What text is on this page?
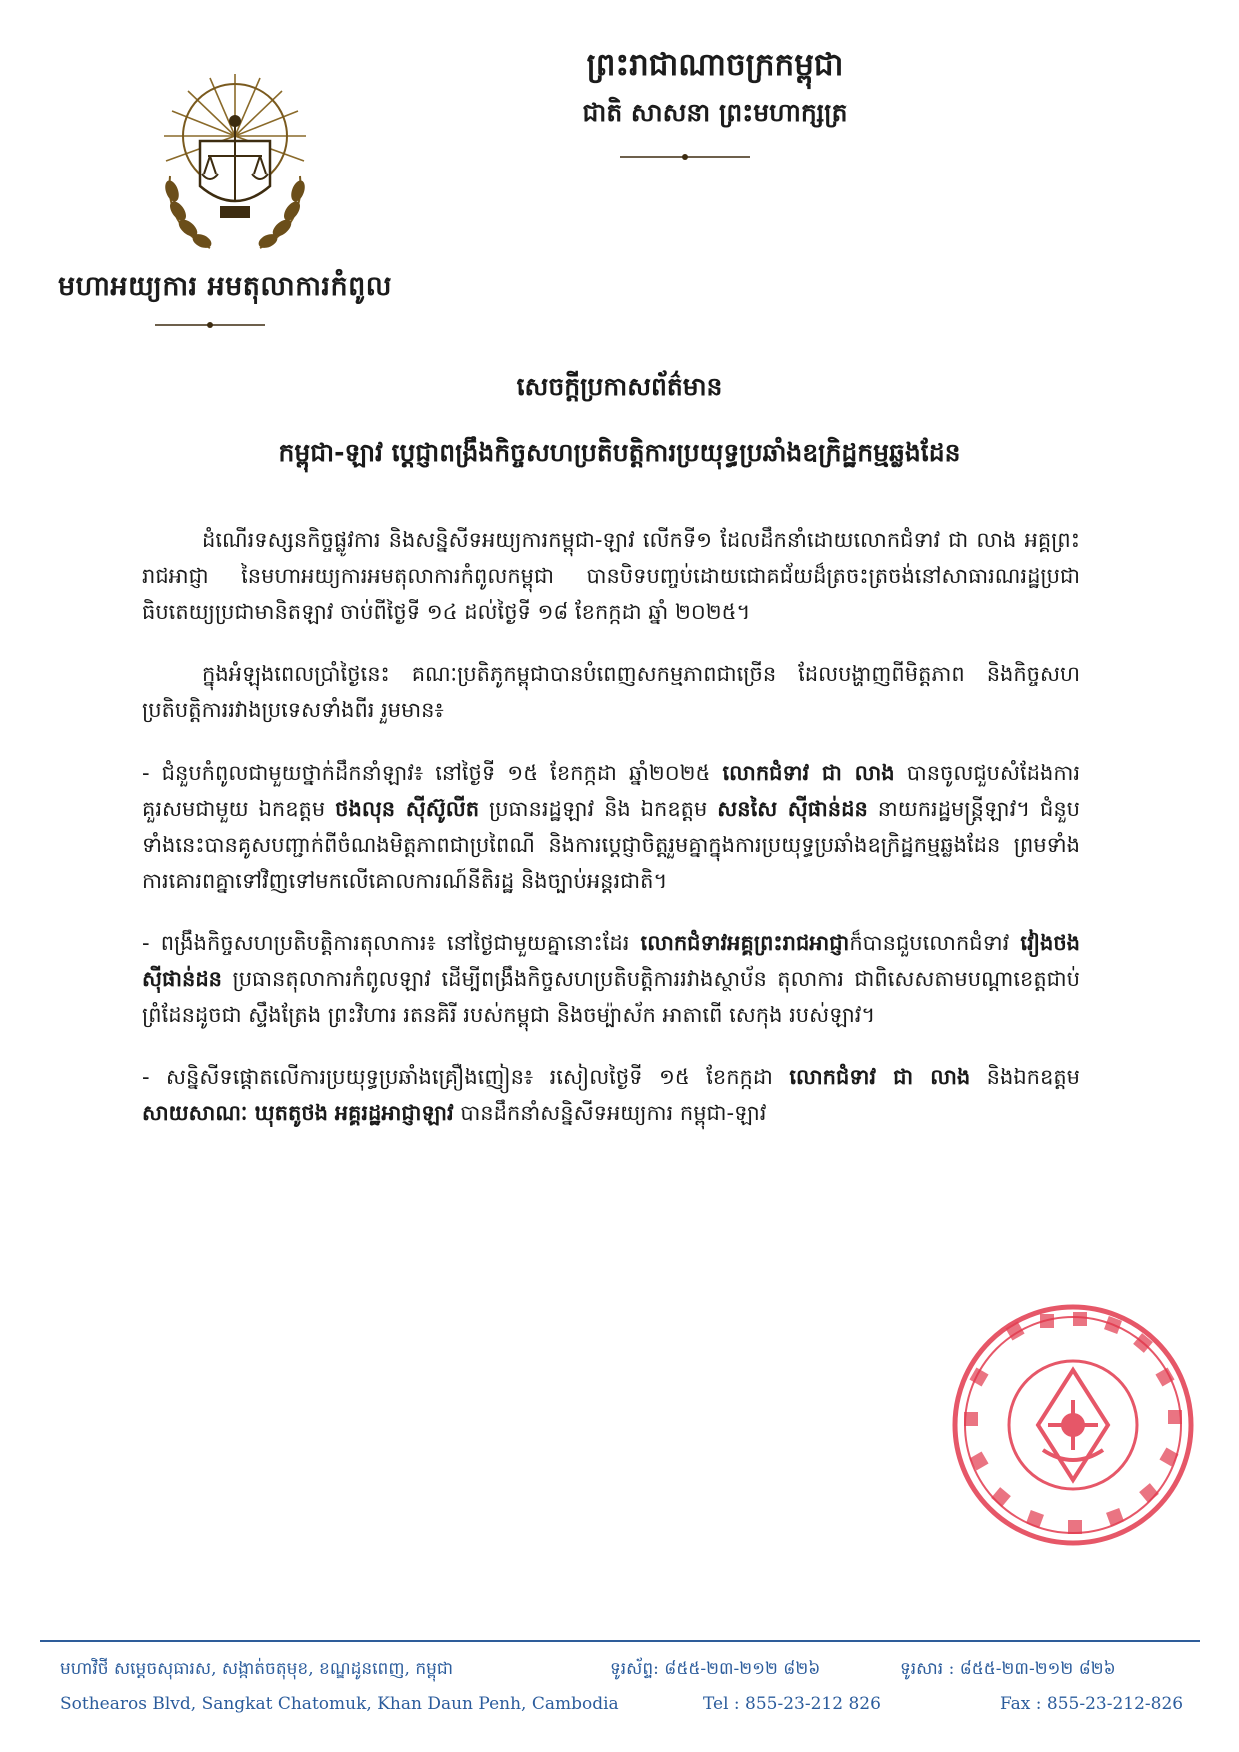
មហាអយ្យការ អមតុលាការកំពូល
ព្រះរាជាណាចក្រកម្ពុជា
ជាតិ សាសនា ព្រះមហាក្សត្រ
សេចក្ដីប្រកាសព័ត៌មាន
កម្ពុជា-ឡាវ ប្ដេជ្ញាពង្រឹងកិច្ចសហប្រតិបត្តិការប្រយុទ្ធប្រឆាំងឧក្រិដ្ឋកម្មឆ្លងដែន

ដំណើរទស្សនកិច្ចផ្លូវការ និងសន្និសីទអយ្យការកម្ពុជា-ឡាវ លើកទី១ ដែលដឹកនាំដោយលោកជំទាវ ជា លាង អគ្គព្រះរាជអាជ្ញា នៃមហាអយ្យការអមតុលាការកំពូលកម្ពុជា បានបិទបញ្ចប់ដោយជោគជ័យដ៏ត្រចះត្រចង់នៅសាធារណរដ្ឋប្រជាធិបតេយ្យប្រជាមានិតឡាវ ចាប់ពីថ្ងៃទី ១៤ ដល់ថ្ងៃទី ១៨ ខែកក្កដា ឆ្នាំ ២០២៥។

ក្នុងអំឡុងពេលប្រាំថ្ងៃនេះ គណៈប្រតិភូកម្ពុជាបានបំពេញសកម្មភាពជាច្រើន ដែលបង្ហាញពីមិត្តភាព និងកិច្ចសហប្រតិបត្តិការរវាងប្រទេសទាំងពីរ រួមមាន៖

- ជំនួបកំពូលជាមួយថ្នាក់ដឹកនាំឡាវ៖ នៅថ្ងៃទី ១៥ ខែកក្កដា ឆ្នាំ២០២៥ លោកជំទាវ ជា លាង បានចូលជួបសំដែងការគួរសមជាមួយ ឯកឧត្តម ថងលុន ស៊ីស៊ូលីត ប្រធានរដ្ឋឡាវ និង ឯកឧត្តម សនសៃ ស៊ីផាន់ដន នាយករដ្ឋមន្ត្រីឡាវ។ ជំនួបទាំងនេះបានគូសបញ្ជាក់ពីចំណងមិត្តភាពជាប្រពៃណី និងការប្ដេជ្ញាចិត្តរួមគ្នាក្នុងការប្រយុទ្ធប្រឆាំងឧក្រិដ្ឋកម្មឆ្លងដែន ព្រមទាំងការគោរពគ្នាទៅវិញទៅមកលើគោលការណ៍នីតិរដ្ឋ និងច្បាប់អន្តរជាតិ។

- ពង្រឹងកិច្ចសហប្រតិបត្តិការតុលាការ៖ នៅថ្ងៃជាមួយគ្នានោះដែរ លោកជំទាវអគ្គព្រះរាជអាជ្ញាក៏បានជួបលោកជំទាវ វៀងថង ស៊ីផាន់ដន ប្រធានតុលាការកំពូលឡាវ ដើម្បីពង្រឹងកិច្ចសហប្រតិបត្តិការរវាងស្ថាប័ន តុលាការ ជាពិសេសតាមបណ្ដាខេត្តជាប់ព្រំដែនដូចជា ស្ទឹងត្រែង ព្រះវិហារ រតនគិរី របស់កម្ពុជា និងចម្ប៉ាស័ក អាតាពើ សេកុង របស់ឡាវ។

- សន្និសីទផ្ដោតលើការប្រយុទ្ធប្រឆាំងគ្រឿងញៀន៖ រសៀលថ្ងៃទី ១៥ ខែកក្កដា លោកជំទាវ ជា លាង និងឯកឧត្តម សាយសាណៈ ឃុតតូថង អគ្គរដ្ឋអាជ្ញាឡាវ បានដឹកនាំសន្និសីទអយ្យការ កម្ពុជា-ឡាវ

មហាវិថី សម្ដេចសុធារស, សង្កាត់ចតុមុខ, ខណ្ឌដូនពេញ, កម្ពុជា
Sothearos Blvd, Sangkat Chatomuk, Khan Daun Penh, Cambodia
ទូរស័ព្ទ: ៨៥៥-២៣-២១២ ៨២៦
Tel : 855-23-212 826
ទូរសារ : ៨៥៥-២៣-២១២ ៨២៦
Fax : 855-23-212-826
